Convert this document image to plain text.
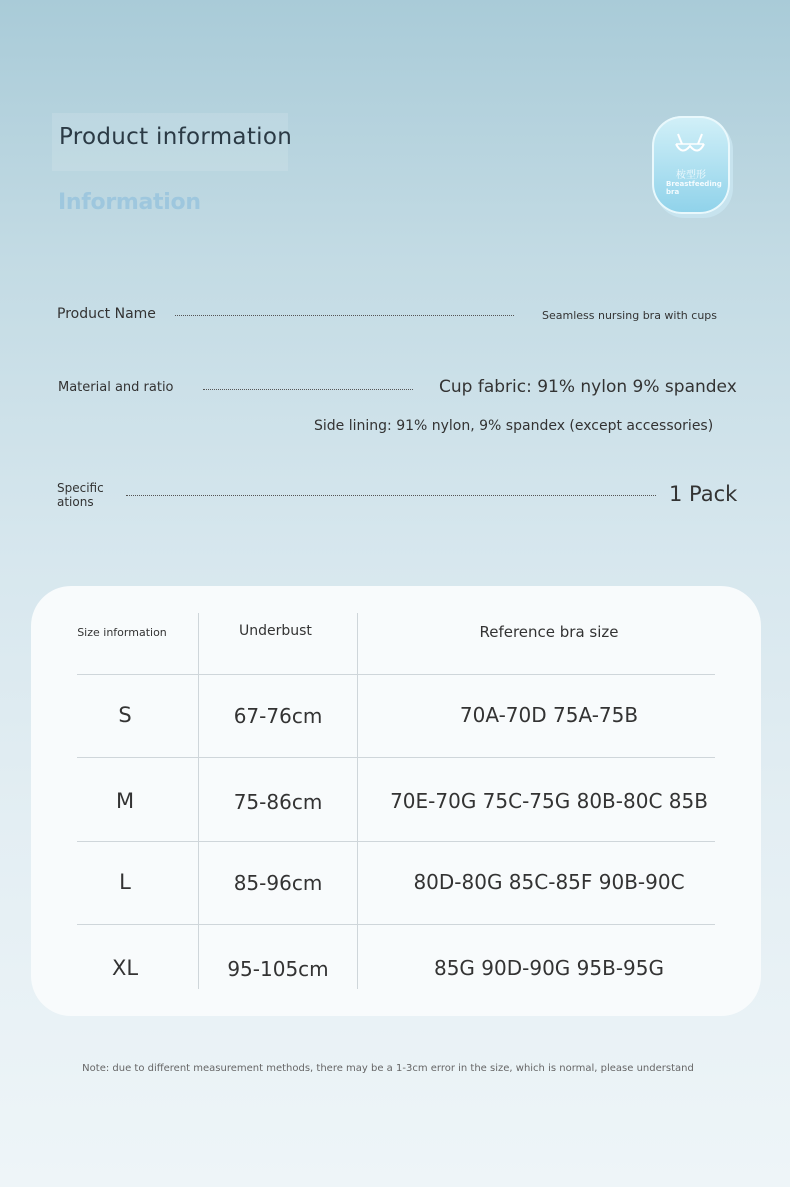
Product information
Information
桉型形
Breastfeeding
bra
Product Name	Seamless nursing bra with cups
Material and ratio	Cup fabric: 91% nylon 9% spandex
Side lining: 91% nylon, 9% spandex (except accessories)
Specific
ations	1 Pack
Size information	Underbust	Reference bra size
S	67-76cm	70A-70D 75A-75B
M	75-86cm	70E-70G 75C-75G 80B-80C 85B
L	85-96cm	80D-80G 85C-85F 90B-90C
XL	95-105cm	85G 90D-90G 95B-95G
Note: due to different measurement methods, there may be a 1-3cm error in the size, which is normal, please understand
